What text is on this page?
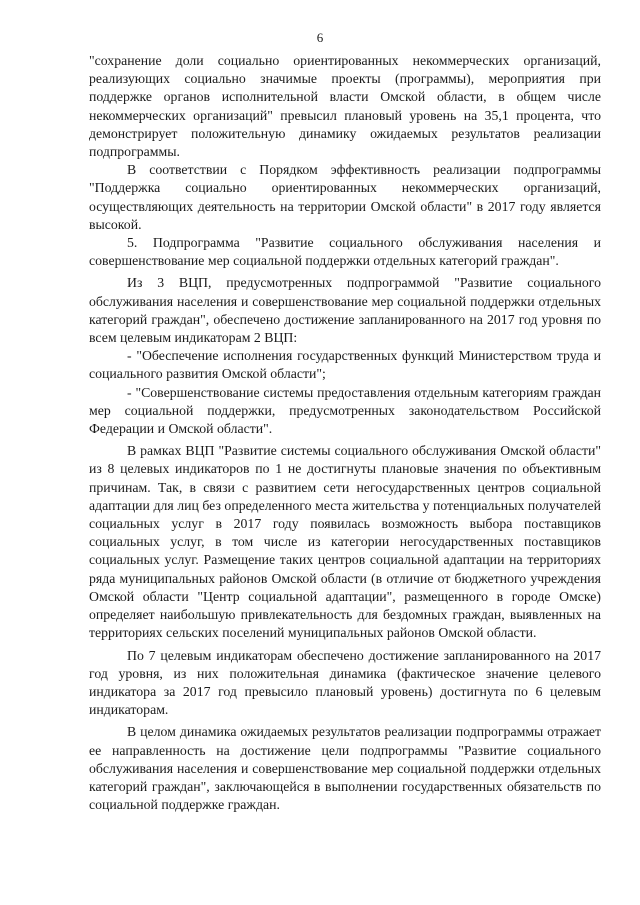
6

"сохранение доли социально ориентированных некоммерческих организаций, реализующих социально значимые проекты (программы), мероприятия при поддержке органов исполнительной власти Омской области, в общем числе некоммерческих организаций" превысил плановый уровень на 35,1 процента, что демонстрирует положительную динамику ожидаемых результатов реализации подпрограммы.

В соответствии с Порядком эффективность реализации подпрограммы "Поддержка социально ориентированных некоммерческих организаций, осуществляющих деятельность на территории Омской области" в 2017 году является высокой.

5. Подпрограмма "Развитие социального обслуживания населения и совершенствование мер социальной поддержки отдельных категорий граждан".

Из 3 ВЦП, предусмотренных подпрограммой "Развитие социального обслуживания населения и совершенствование мер социальной поддержки отдельных категорий граждан", обеспечено достижение запланированного на 2017 год уровня по всем целевым индикаторам 2 ВЦП:

- "Обеспечение исполнения государственных функций Министерством труда и социального развития Омской области";

- "Совершенствование системы предоставления отдельным категориям граждан мер социальной поддержки, предусмотренных законодательством Российской Федерации и Омской области".

В рамках ВЦП "Развитие системы социального обслуживания Омской области" из 8 целевых индикаторов по 1 не достигнуты плановые значения по объективным причинам. Так, в связи с развитием сети негосударственных центров социальной адаптации для лиц без определенного места жительства у потенциальных получателей социальных услуг в 2017 году появилась возможность выбора поставщиков социальных услуг, в том числе из категории негосударственных поставщиков социальных услуг. Размещение таких центров социальной адаптации на территориях ряда муниципальных районов Омской области (в отличие от бюджетного учреждения Омской области "Центр социальной адаптации", размещенного в городе Омске) определяет наибольшую привлекательность для бездомных граждан, выявленных на территориях сельских поселений муниципальных районов Омской области.

По 7 целевым индикаторам обеспечено достижение запланированного на 2017 год уровня, из них положительная динамика (фактическое значение целевого индикатора за 2017 год превысило плановый уровень) достигнута по 6 целевым индикаторам.

В целом динамика ожидаемых результатов реализации подпрограммы отражает ее направленность на достижение цели подпрограммы "Развитие социального обслуживания населения и совершенствование мер социальной поддержки отдельных категорий граждан", заключающейся в выполнении государственных обязательств по социальной поддержке граждан.
